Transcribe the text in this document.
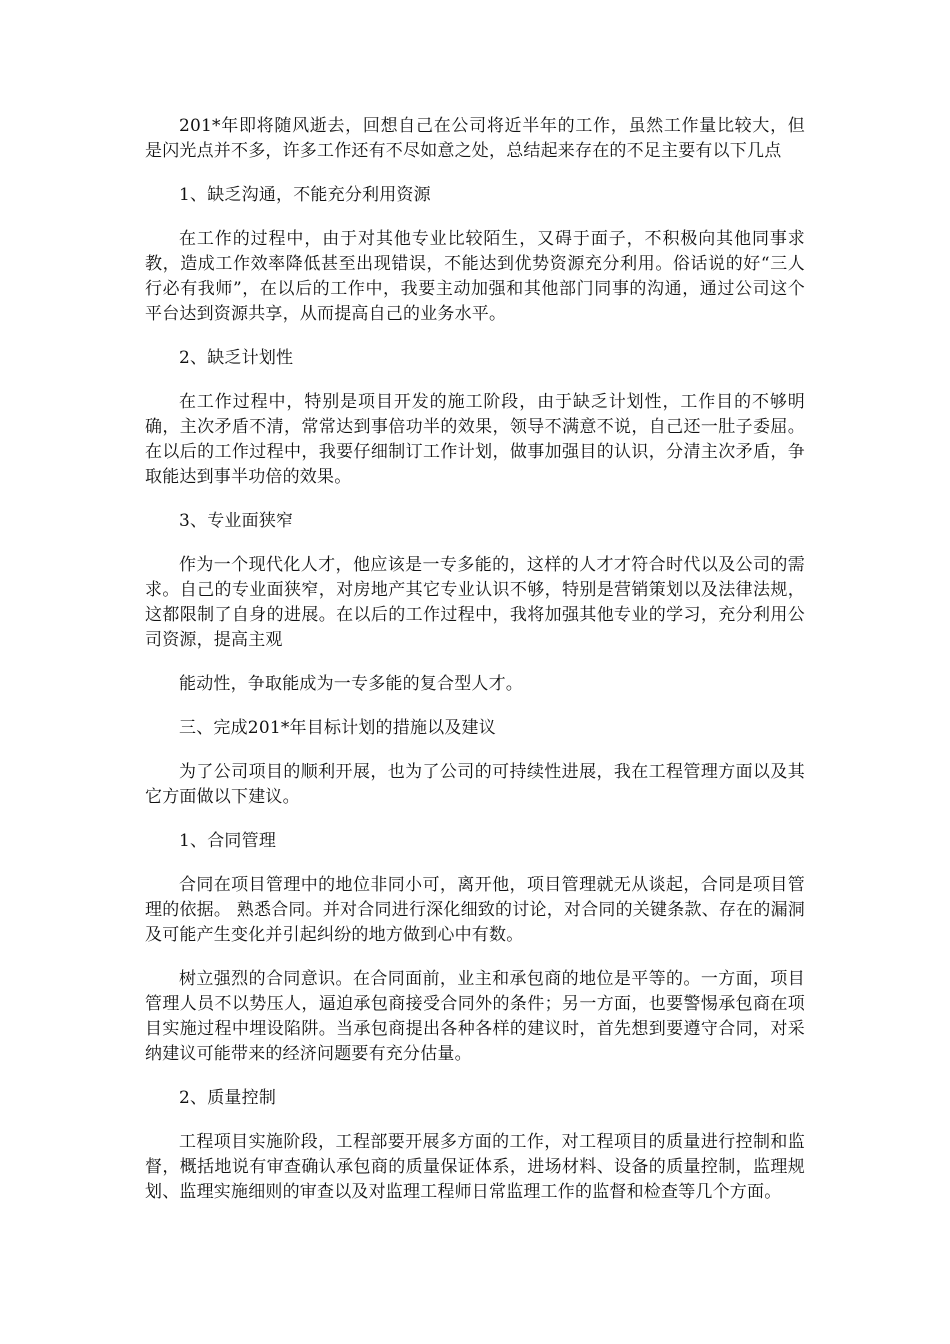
201*年即将随风逝去，回想自己在公司将近半年的工作，虽然工作量比较大，但是闪光点并不多，许多工作还有不尽如意之处，总结起来存在的不足主要有以下几点

1、缺乏沟通，不能充分利用资源

在工作的过程中，由于对其他专业比较陌生，又碍于面子，不积极向其他同事求教，造成工作效率降低甚至出现错误，不能达到优势资源充分利用。俗话说的好“三人行必有我师”，在以后的工作中，我要主动加强和其他部门同事的沟通，通过公司这个平台达到资源共享，从而提高自己的业务水平。

2、缺乏计划性

在工作过程中，特别是项目开发的施工阶段，由于缺乏计划性，工作目的不够明确，主次矛盾不清，常常达到事倍功半的效果，领导不满意不说，自己还一肚子委屈。在以后的工作过程中，我要仔细制订工作计划，做事加强目的认识，分清主次矛盾，争取能达到事半功倍的效果。

3、专业面狭窄

作为一个现代化人才，他应该是一专多能的，这样的人才才符合时代以及公司的需求。自己的专业面狭窄，对房地产其它专业认识不够，特别是营销策划以及法律法规，这都限制了自身的进展。在以后的工作过程中，我将加强其他专业的学习，充分利用公司资源，提高主观

能动性，争取能成为一专多能的复合型人才。

三、完成201*年目标计划的措施以及建议

为了公司项目的顺利开展，也为了公司的可持续性进展，我在工程管理方面以及其它方面做以下建议。

1、合同管理

合同在项目管理中的地位非同小可，离开他，项目管理就无从谈起，合同是项目管理的依据。 熟悉合同。并对合同进行深化细致的讨论，对合同的关键条款、存在的漏洞及可能产生变化并引起纠纷的地方做到心中有数。

树立强烈的合同意识。在合同面前，业主和承包商的地位是平等的。一方面，项目管理人员不以势压人，逼迫承包商接受合同外的条件；另一方面，也要警惕承包商在项目实施过程中埋设陷阱。当承包商提出各种各样的建议时，首先想到要遵守合同，对采纳建议可能带来的经济问题要有充分估量。

2、质量控制

工程项目实施阶段，工程部要开展多方面的工作，对工程项目的质量进行控制和监督，概括地说有审查确认承包商的质量保证体系，进场材料、设备的质量控制，监理规划、监理实施细则的审查以及对监理工程师日常监理工作的监督和检查等几个方面。
